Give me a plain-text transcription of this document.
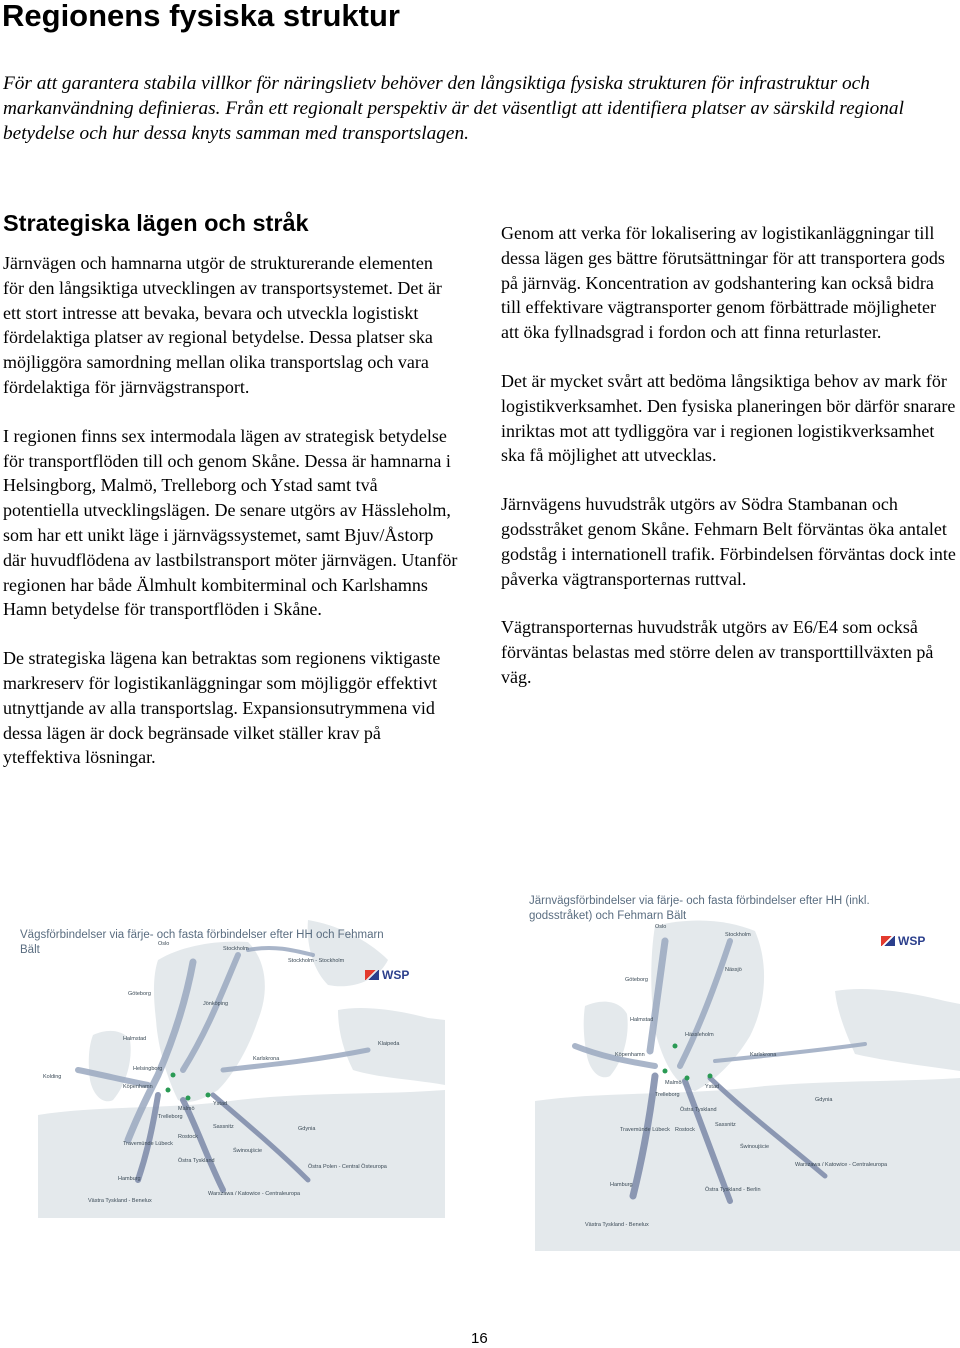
Regionens fysiska struktur

För att garantera stabila villkor för näringslietv behöver den långsiktiga fysiska strukturen för infrastruktur och markanvändning definieras. Från ett regionalt perspektiv är det väsentligt att identifiera platser av särskild regional betydelse och hur dessa knyts samman med transportslagen.

Strategiska lägen och stråk

Järnvägen och hamnarna utgör de strukturerande elementen för den långsiktiga utvecklingen av transportsystemet. Det är ett stort intresse att bevaka, bevara och utveckla logistiskt fördelaktiga platser av regional betydelse. Dessa platser ska möjliggöra samordning mellan olika transportslag och vara fördelaktiga för järnvägstransport.

I regionen finns sex intermodala lägen av strategisk betydelse för transportflöden till och genom Skåne. Dessa är hamnarna i Helsingborg, Malmö, Trelleborg och Ystad samt två potentiella utvecklingslägen. De senare utgörs av Hässleholm, som har ett unikt läge i järnvägssystemet, samt Bjuv/Åstorp där huvudflödena av lastbilstransport möter järnvägen. Utanför regionen har både Älmhult kombiterminal och Karlshamns Hamn betydelse för transportflöden i Skåne.

De strategiska lägena kan betraktas som regionens viktigaste markreserv för logistikanläggningar som möjliggör effektivt utnyttjande av alla transportslag. Expansionsutrymmena vid dessa lägen är dock begränsade vilket ställer krav på yteffektiva lösningar.

Genom att verka för lokalisering av logistikanläggningar till dessa lägen ges bättre förutsättningar för att transportera gods på järnväg. Koncentration av godshantering kan också bidra till effektivare vägtransporter genom förbättrade möjligheter att öka fyllnadsgrad i fordon och att finna returlaster.

Det är mycket svårt att bedöma långsiktiga behov av mark för logistikverksamhet. Den fysiska planeringen bör därför snarare inriktas mot att tydliggöra var i regionen logistikverksamhet ska få möjlighet att utvecklas.

Järnvägens huvudstråk utgörs av Södra Stambanan och godsstråket genom Skåne. Fehmarn Belt förväntas öka antalet godståg i internationell trafik. Förbindelsen förväntas dock inte påverka vägtransporternas ruttval.

Vägtransporternas huvudstråk utgörs av E6/E4 som också förväntas belastas med större delen av transporttillväxten på väg.

Oslo
Stockholm
Stockholm - Stockholm
Göteborg
Jönköping
Halmstad
Helsingborg
Karlskrona
Kolding
Köpenhamn
Malmö
Ystad
Trelleborg
Klaipeda
Travemünde Lübeck
Rostock
Sassnitz
Świnoujście
Gdynia
Östra Polen - Central Östeuropa
Warszawa / Katowice - Centraleuropa
Västra Tyskland - Benelux
Hamburg
Östra Tyskland

Vägsförbindelser via färje- och fasta förbindelser efter HH och Fehmarn Bält

WSP
Oslo
Stockholm
Göteborg
Nässjö
Halmstad
Hässleholm
Köpenhamn
Malmö
Ystad
Trelleborg
Karlskrona
Gdynia
Östra Tyskland
Travemünde Lübeck Rostock
Sassnitz
Świnoujście
Warszawa / Katowice - Centraleuropa
Östra Tyskland - Berlin
Västra Tyskland - Benelux
Hamburg

Järnvägsförbindelser via färje- och fasta förbindelser efter HH (inkl. godsstråket) och Fehmarn Bält

WSP

16
